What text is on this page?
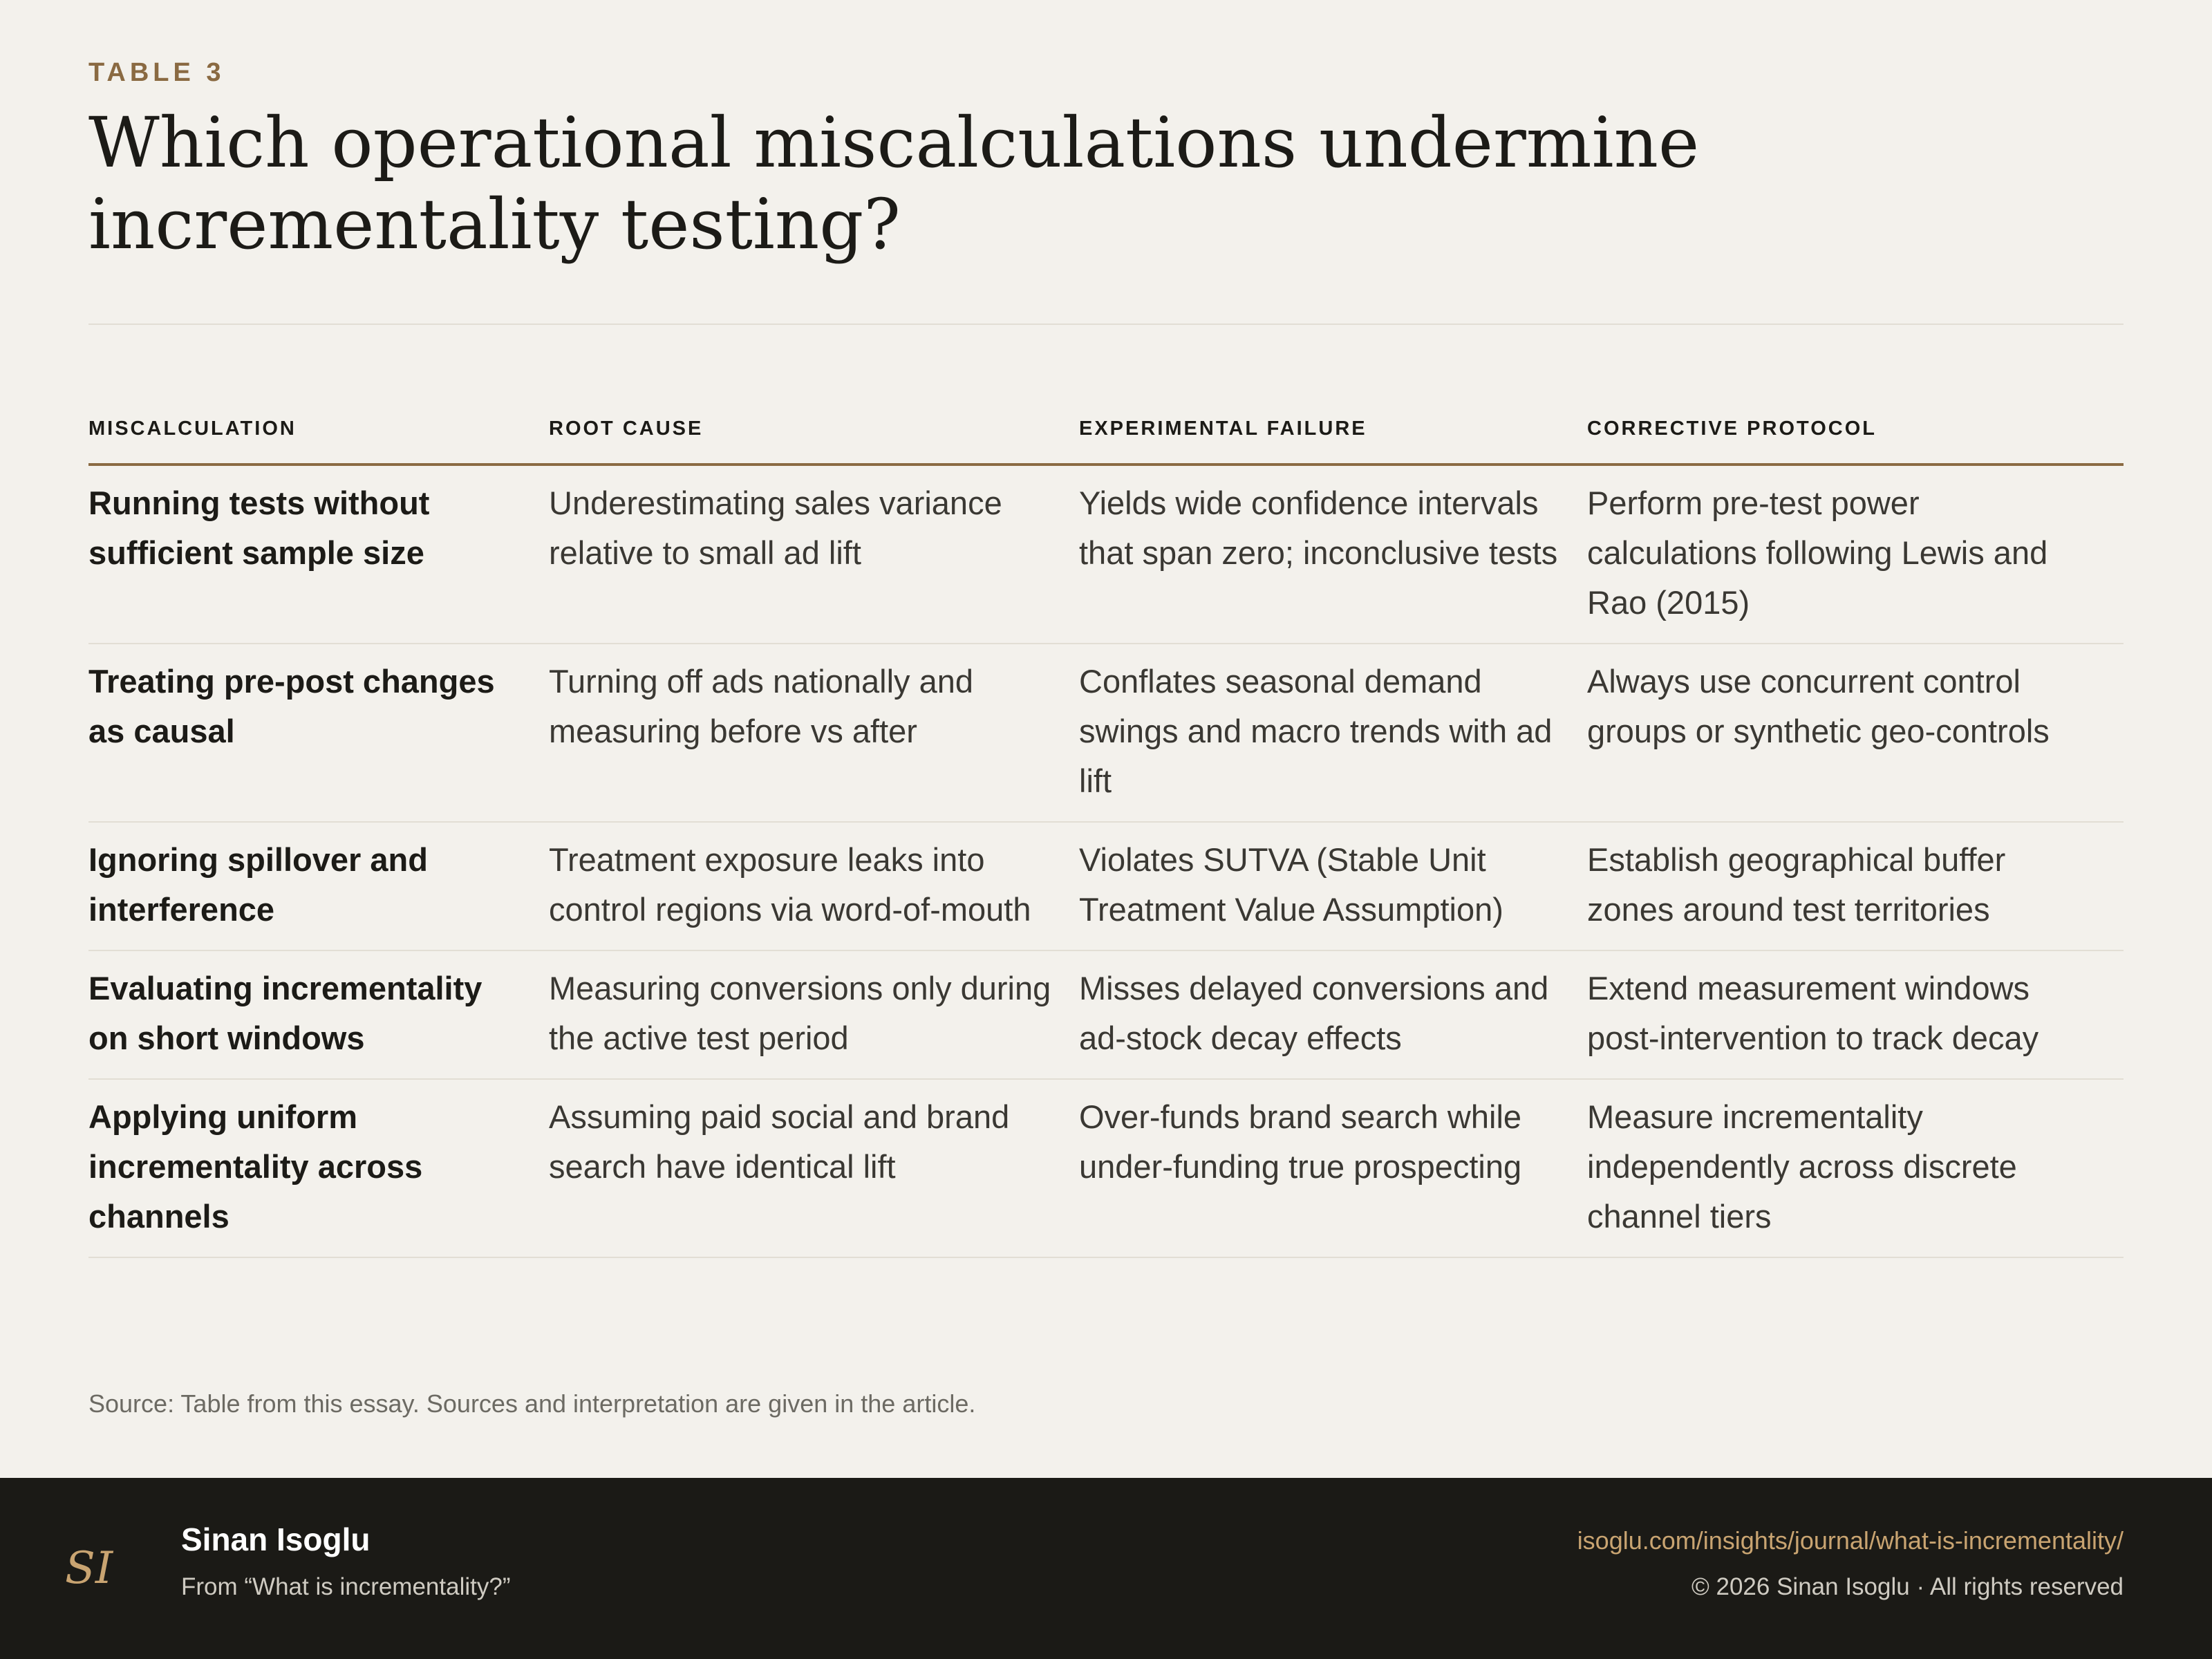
TABLE 3
Which operational miscalculations undermine incrementality testing?
MISCALCULATION	ROOT CAUSE	EXPERIMENTAL FAILURE	CORRECTIVE PROTOCOL
Running tests without sufficient sample size	Underestimating sales variance relative to small ad lift	Yields wide confidence intervals that span zero; inconclusive tests	Perform pre-test power calculations following Lewis and Rao (2015)
Treating pre-post changes as causal	Turning off ads nationally and measuring before vs after	Conflates seasonal demand swings and macro trends with ad lift	Always use concurrent control groups or synthetic geo-controls
Ignoring spillover and interference	Treatment exposure leaks into control regions via word-of-mouth	Violates SUTVA (Stable Unit Treatment Value Assumption)	Establish geographical buffer zones around test territories
Evaluating incrementality on short windows	Measuring conversions only during the active test period	Misses delayed conversions and ad-stock decay effects	Extend measurement windows post-intervention to track decay
Applying uniform incrementality across channels	Assuming paid social and brand search have identical lift	Over-funds brand search while under-funding true prospecting	Measure incrementality independently across discrete channel tiers
Source: Table from this essay. Sources and interpretation are given in the article.
SI
Sinan Isoglu
From “What is incrementality?”
isoglu.com/insights/journal/what-is-incrementality/
© 2026 Sinan Isoglu · All rights reserved
